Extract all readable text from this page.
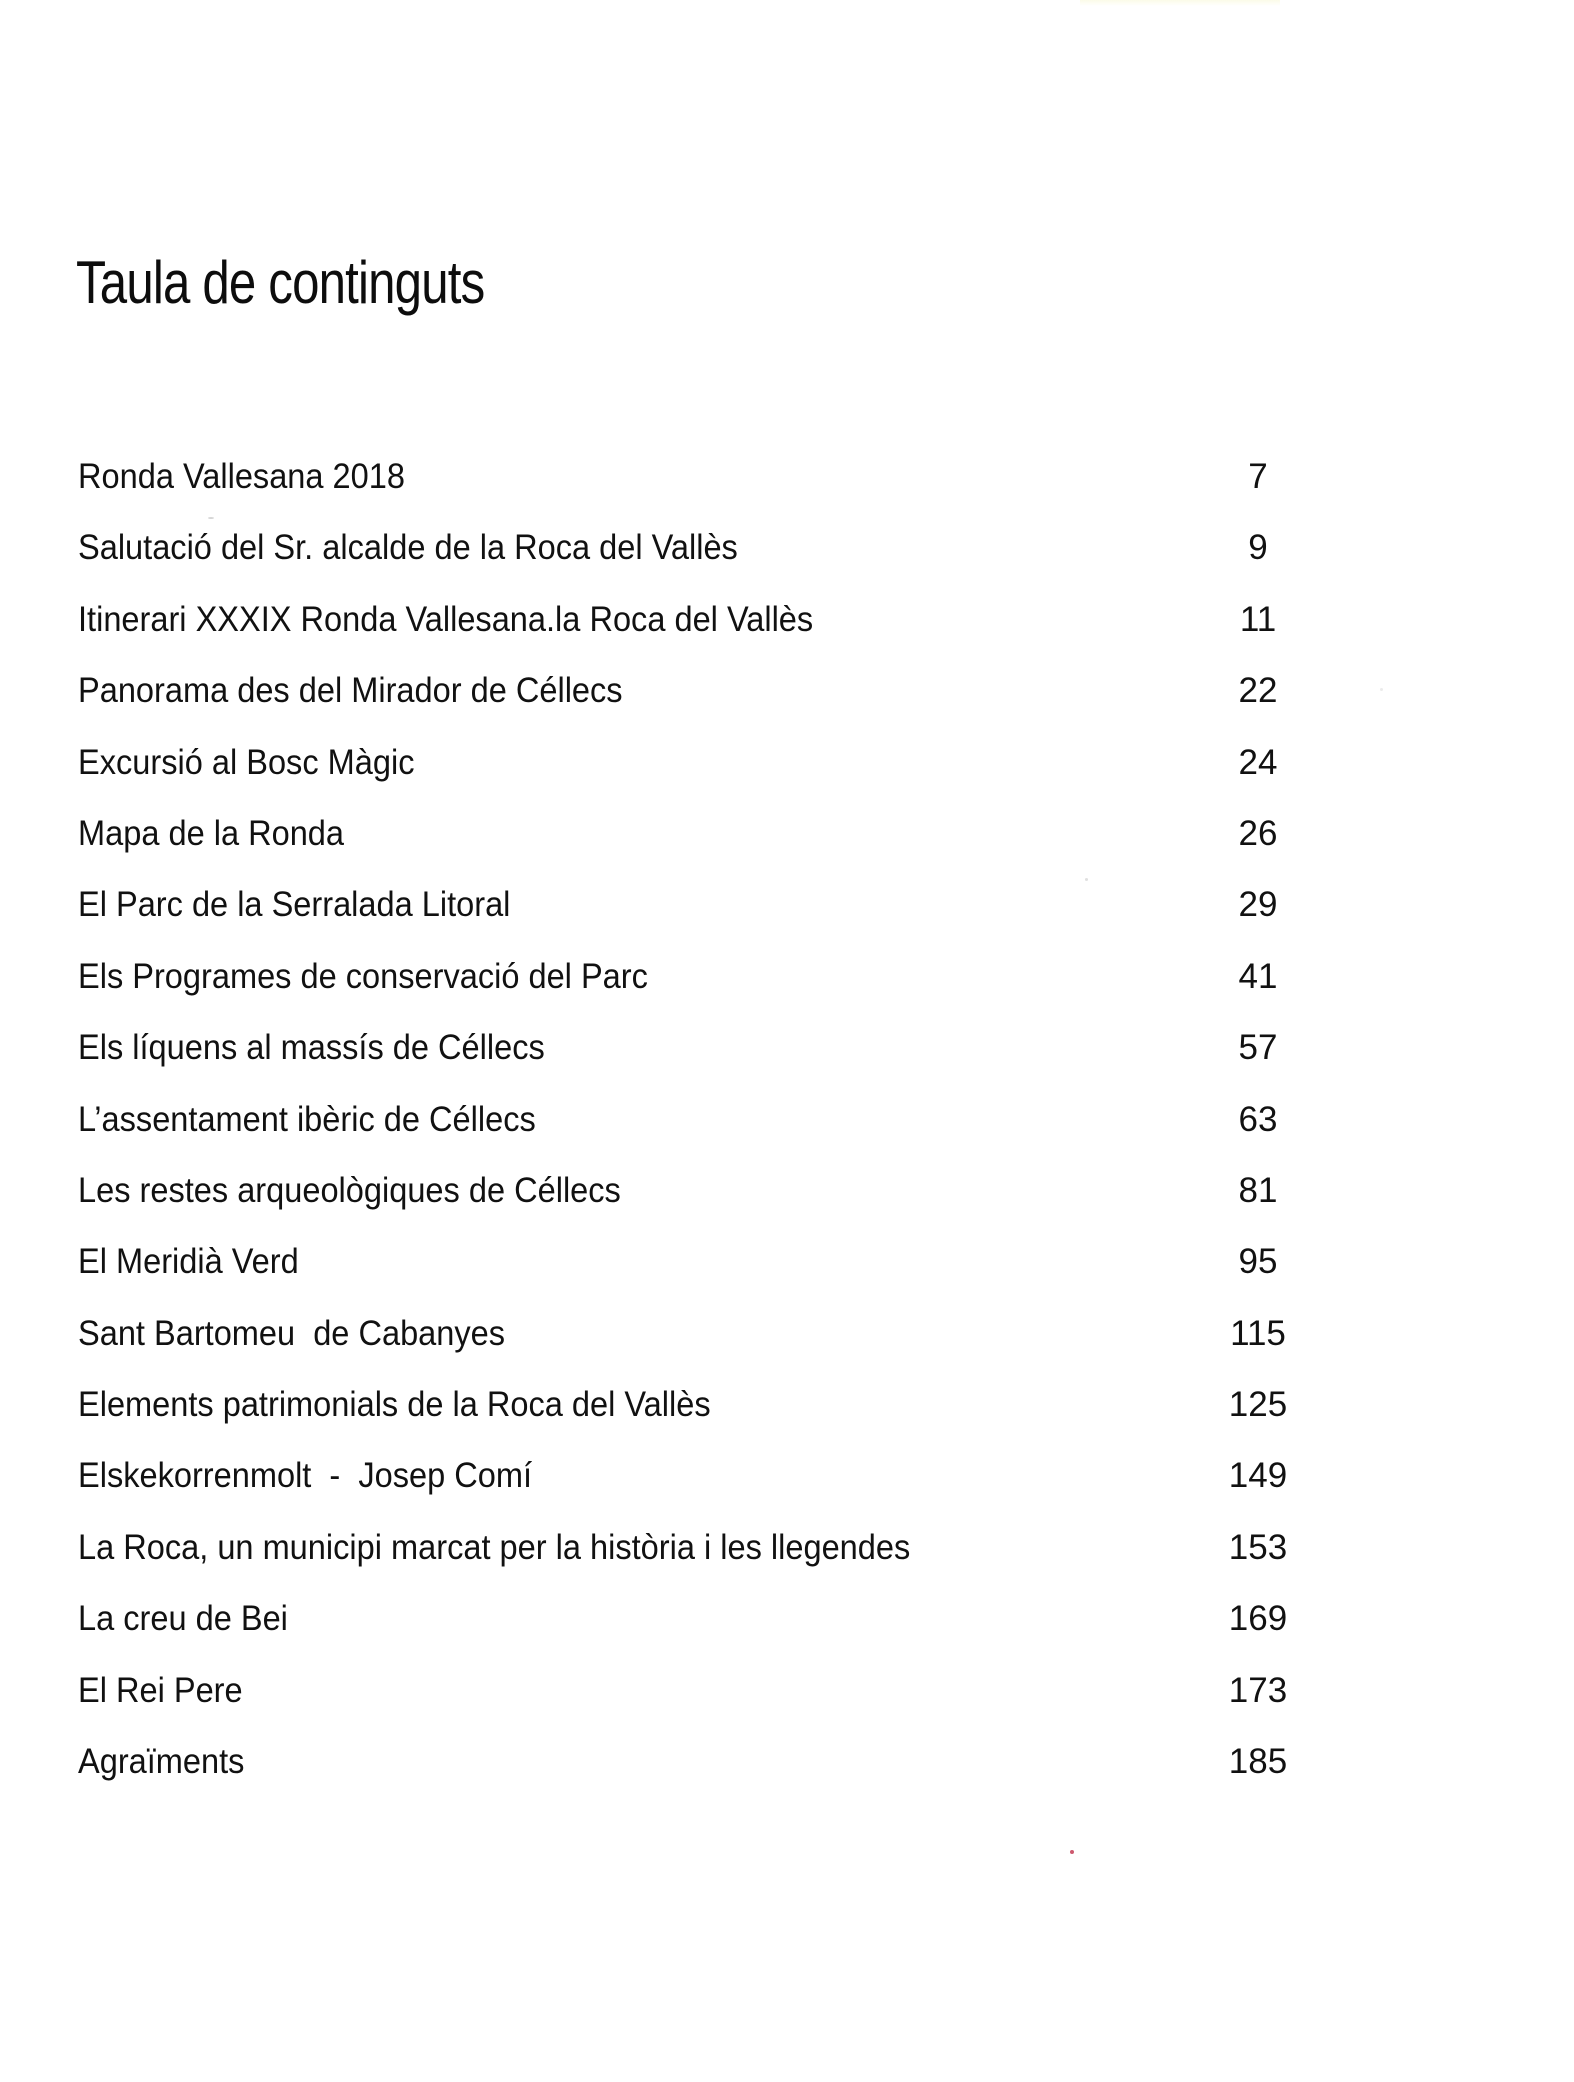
Taula de continguts
Ronda Vallesana 2018	7
Salutació del Sr. alcalde de la Roca del Vallès	9
Itinerari XXXIX Ronda Vallesana.la Roca del Vallès	11
Panorama des del Mirador de Céllecs	22
Excursió al Bosc Màgic	24
Mapa de la Ronda	26
El Parc de la Serralada Litoral	29
Els Programes de conservació del Parc	41
Els líquens al massís de Céllecs	57
L’assentament ibèric de Céllecs	63
Les restes arqueològiques de Céllecs	81
El Meridià Verd	95
Sant Bartomeu  de Cabanyes	115
Elements patrimonials de la Roca del Vallès	125
Elskekorrenmolt  -  Josep Comí	149
La Roca, un municipi marcat per la història i les llegendes	153
La creu de Bei	169
El Rei Pere	173
Agraïments	185
